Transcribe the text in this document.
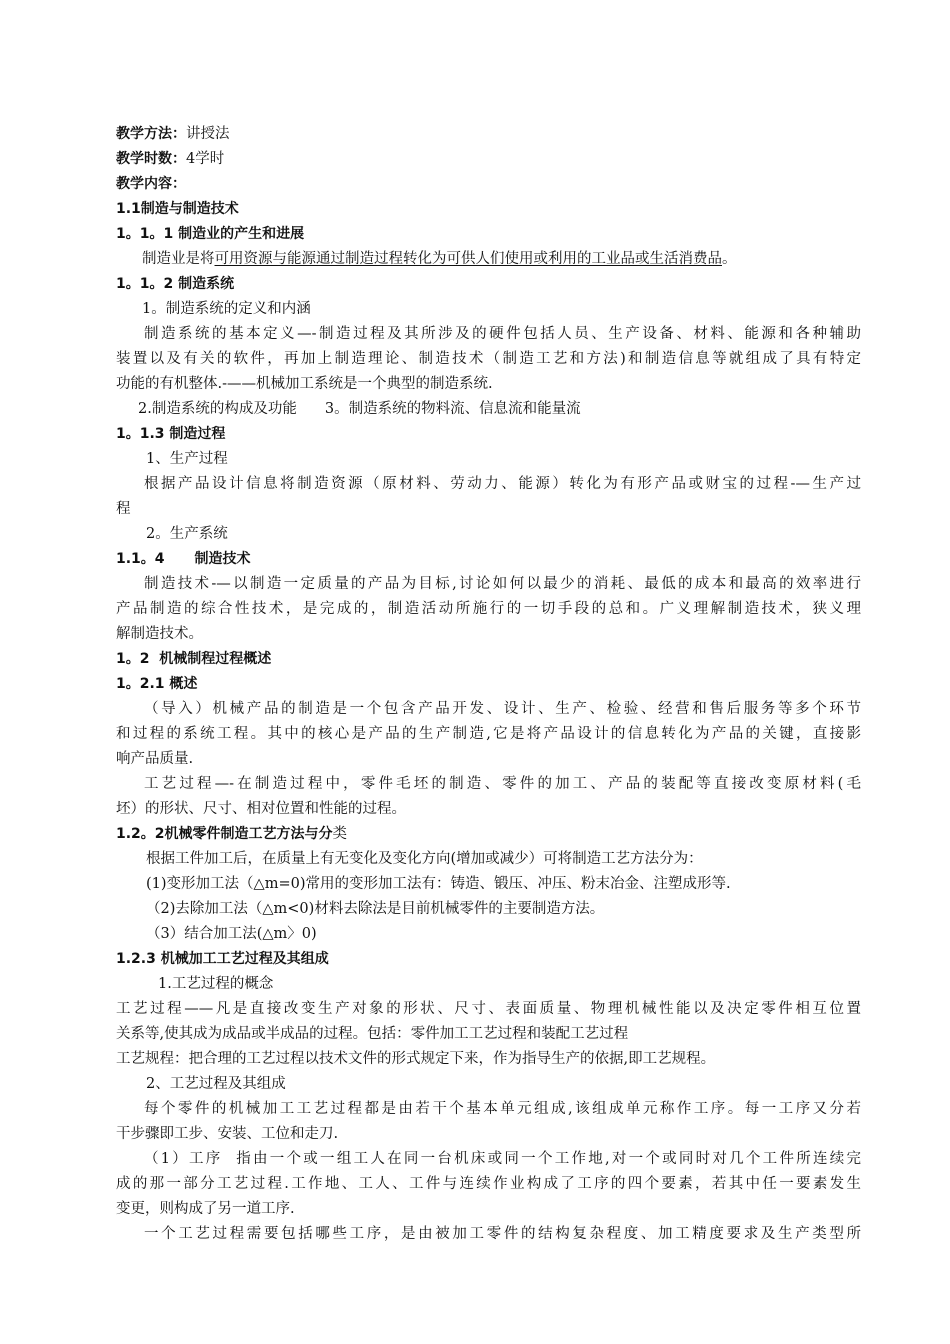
教学方法：讲授法
教学时数：4学时
教学内容：
1.1制造与制造技术
1。1。1 制造业的产生和进展
制造业是将可用资源与能源通过制造过程转化为可供人们使用或利用的工业品或生活消费品。
1。1。2 制造系统
1。制造系统的定义和内涵
制造系统的基本定义—-制造过程及其所涉及的硬件包括人员、生产设备、材料、能源和各种辅助
装置以及有关的软件，再加上制造理论、制造技术（制造工艺和方法)和制造信息等就组成了具有特定
功能的有机整体.-——机械加工系统是一个典型的制造系统.
2.制造系统的构成及功能 3。制造系统的物料流、信息流和能量流
1。1.3 制造过程
1、生产过程
根据产品设计信息将制造资源（原材料、劳动力、能源）转化为有形产品或财宝的过程-—生产过
程
2。生产系统
1.1。4 制造技术
制造技术-—以制造一定质量的产品为目标,讨论如何以最少的消耗、最低的成本和最高的效率进行
产品制造的综合性技术，是完成的，制造活动所施行的一切手段的总和。广义理解制造技术，狭义理
解制造技术。
1。2  机械制程过程概述
1。2.1 概述
（导入）机械产品的制造是一个包含产品开发、设计、生产、检验、经营和售后服务等多个环节
和过程的系统工程。其中的核心是产品的生产制造,它是将产品设计的信息转化为产品的关键，直接影
响产品质量.
工艺过程—-在制造过程中，零件毛坯的制造、零件的加工、产品的装配等直接改变原材料(毛
坯）的形状、尺寸、相对位置和性能的过程。
1.2。2机械零件制造工艺方法与分类
根据工件加工后，在质量上有无变化及变化方向(增加或减少）可将制造工艺方法分为：
(1)变形加工法（△m=0)常用的变形加工法有：铸造、锻压、冲压、粉末冶金、注塑成形等.
（2)去除加工法（△m<0)材料去除法是目前机械零件的主要制造方法。
（3）结合加工法(△m〉0)
1.2.3 机械加工工艺过程及其组成
1.工艺过程的概念
工艺过程——凡是直接改变生产对象的形状、尺寸、表面质量、物理机械性能以及决定零件相互位置
关系等,使其成为成品或半成品的过程。包括：零件加工工艺过程和装配工艺过程
工艺规程：把合理的工艺过程以技术文件的形式规定下来，作为指导生产的依据,即工艺规程。
2、工艺过程及其组成
每个零件的机械加工工艺过程都是由若干个基本单元组成,该组成单元称作工序。每一工序又分若
干步骤即工步、安装、工位和走刀.
（1）工序  指由一个或一组工人在同一台机床或同一个工作地,对一个或同时对几个工件所连续完
成的那一部分工艺过程.工作地、工人、工件与连续作业构成了工序的四个要素，若其中任一要素发生
变更，则构成了另一道工序.
一个工艺过程需要包括哪些工序，是由被加工零件的结构复杂程度、加工精度要求及生产类型所
